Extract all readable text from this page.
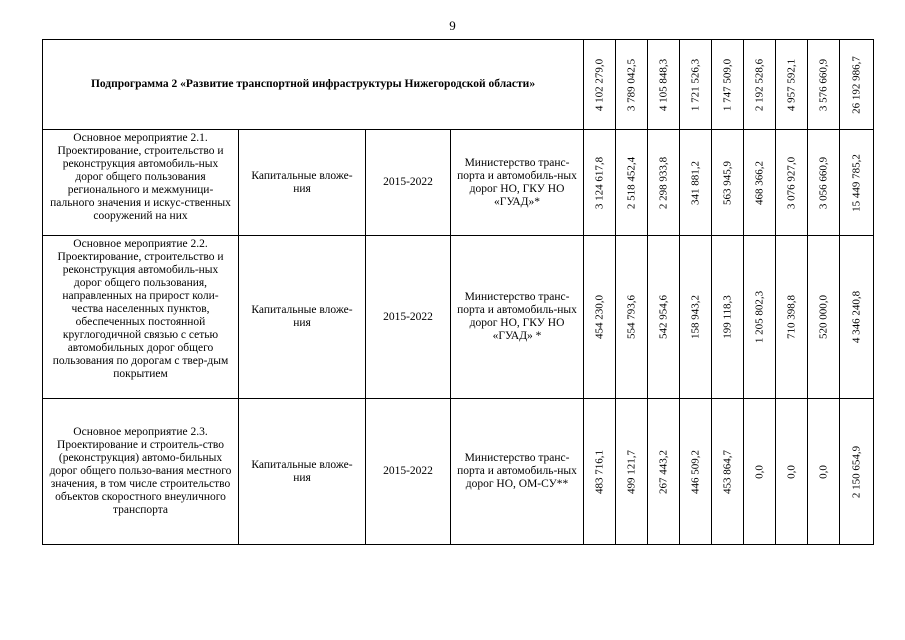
9
Подпрограмма 2 «Развитие транспортной инфраструктуры Нижегородской области»				4 102 279,0	3 789 042,5	4 105 848,3	1 721 526,3	1 747 509,0	2 192 528,6	4 957 592,1	3 576 660,9	26 192 986,7

Основное мероприятие 2.1.
Проектирование, строительство и реконструкция автомобиль-ных дорог общего пользования регионального и межмуници-пального значения и искус-ственных сооружений на них	Капитальные вложе-ния	2015-2022	Министерство транс-порта и автомобиль-ных дорог НО, ГКУ НО «ГУАД»*	3 124 617,8	2 518 452,4	2 298 933,8	341 881,2	563 945,9	468 366,2	3 076 927,0	3 056 660,9	15 449 785,2

Основное мероприятие 2.2.
Проектирование, строительство и реконструкция автомобиль-ных дорог общего пользования, направленных на прирост коли-чества населенных пунктов, обеспеченных постоянной круглогодичной связью с сетью автомобильных дорог общего пользования по дорогам с твер-дым покрытием	Капитальные вложе-ния	2015-2022	Министерство транс-порта и автомобиль-ных дорог НО, ГКУ НО «ГУАД» *	454 230,0	554 793,6	542 954,6	158 943,2	199 118,3	1 205 802,3	710 398,8	520 000,0	4 346 240,8

Основное мероприятие 2.3.
Проектирование и строитель-ство (реконструкция) автомо-бильных дорог общего пользо-вания местного значения, в том числе строительство объектов скоростного внеуличного транспорта	Капитальные вложе-ния	2015-2022	Министерство транс-порта и автомобиль-ных дорог НО, ОМ-СУ**	483 716,1	499 121,7	267 443,2	446 509,2	453 864,7	0,0	0,0	0,0	2 150 654,9
